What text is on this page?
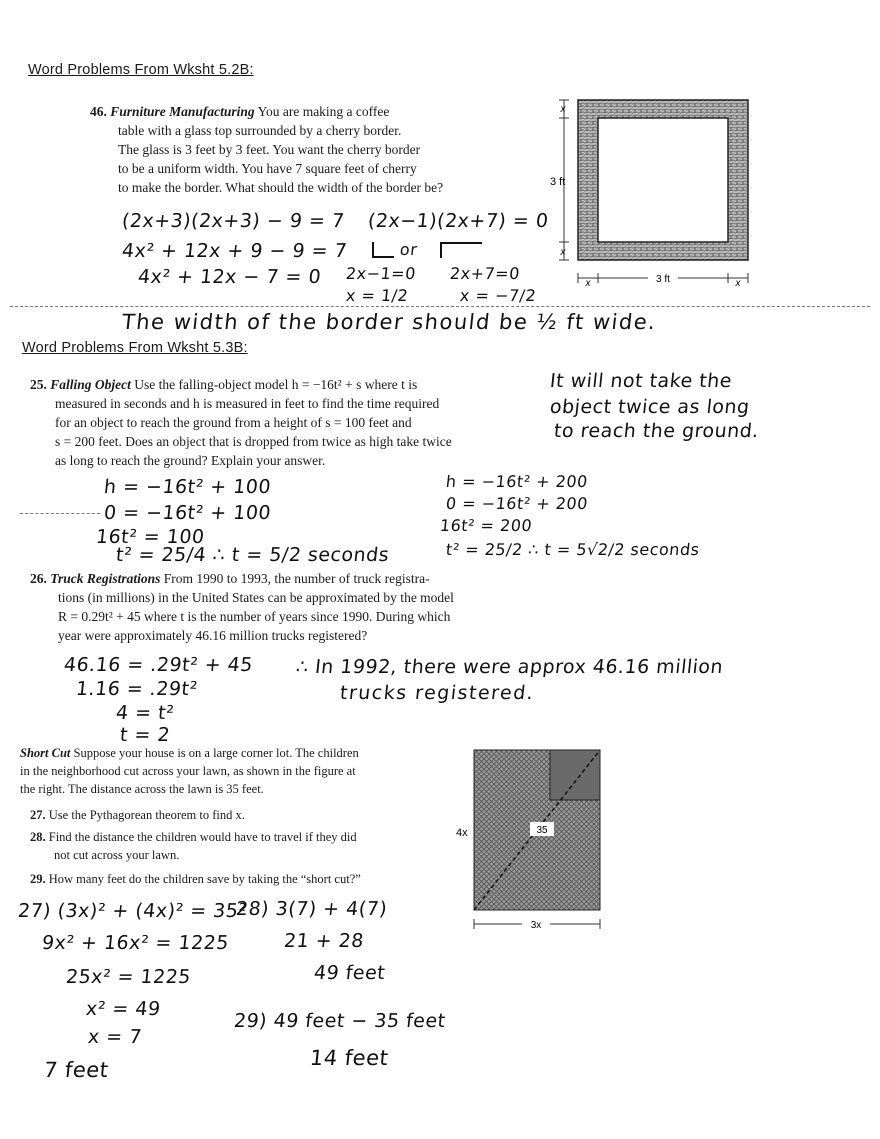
Word Problems From Wksht 5.2B:
46. Furniture Manufacturing You are making a coffee
table with a glass top surrounded by a cherry border.
The glass is 3 feet by 3 feet. You want the cherry border
to be a uniform width. You have 7 square feet of cherry
to make the border. What should the width of the border be?
x
x
3 ft
3 ft
x	x
(2x+3)(2x+3) − 9 = 7
4x² + 12x + 9 − 9 = 7
4x² + 12x − 7 = 0
(2x−1)(2x+7) = 0
or
2x−1=0
x = 1/2
2x+7=0
x = −7/2
The width of the border should be ½ ft wide.
Word Problems From Wksht 5.3B:
25. Falling Object Use the falling-object model h = −16t² + s where t is
measured in seconds and h is measured in feet to find the time required
for an object to reach the ground from a height of s = 100 feet and
s = 200 feet. Does an object that is dropped from twice as high take twice
as long to reach the ground? Explain your answer.
It will not take the
object twice as long
to reach the ground.
h = −16t² + 100
0 = −16t² + 100
16t² = 100
t² = 25/4 ∴ t = 5/2 seconds
h = −16t² + 200
0 = −16t² + 200
16t² = 200
t² = 25/2 ∴ t = 5√2/2 seconds
26. Truck Registrations From 1990 to 1993, the number of truck registra-
tions (in millions) in the United States can be approximated by the model
R = 0.29t² + 45 where t is the number of years since 1990. During which
year were approximately 46.16 million trucks registered?
46.16 = .29t² + 45
1.16 = .29t²
4 = t²
t = 2
∴ In 1992, there were approx 46.16 million
trucks registered.
Short Cut Suppose your house is on a large corner lot. The children
in the neighborhood cut across your lawn, as shown in the figure at
the right. The distance across the lawn is 35 feet.
27. Use the Pythagorean theorem to find x.
28. Find the distance the children would have to travel if they did
not cut across your lawn.
29. How many feet do the children save by taking the “short cut?”
35
4x
3x
27) (3x)² + (4x)² = 35²
9x² + 16x² = 1225
25x² = 1225
x² = 49
x = 7
7 feet
28) 3(7) + 4(7)
21 + 28
49 feet
29) 49 feet − 35 feet
14 feet
